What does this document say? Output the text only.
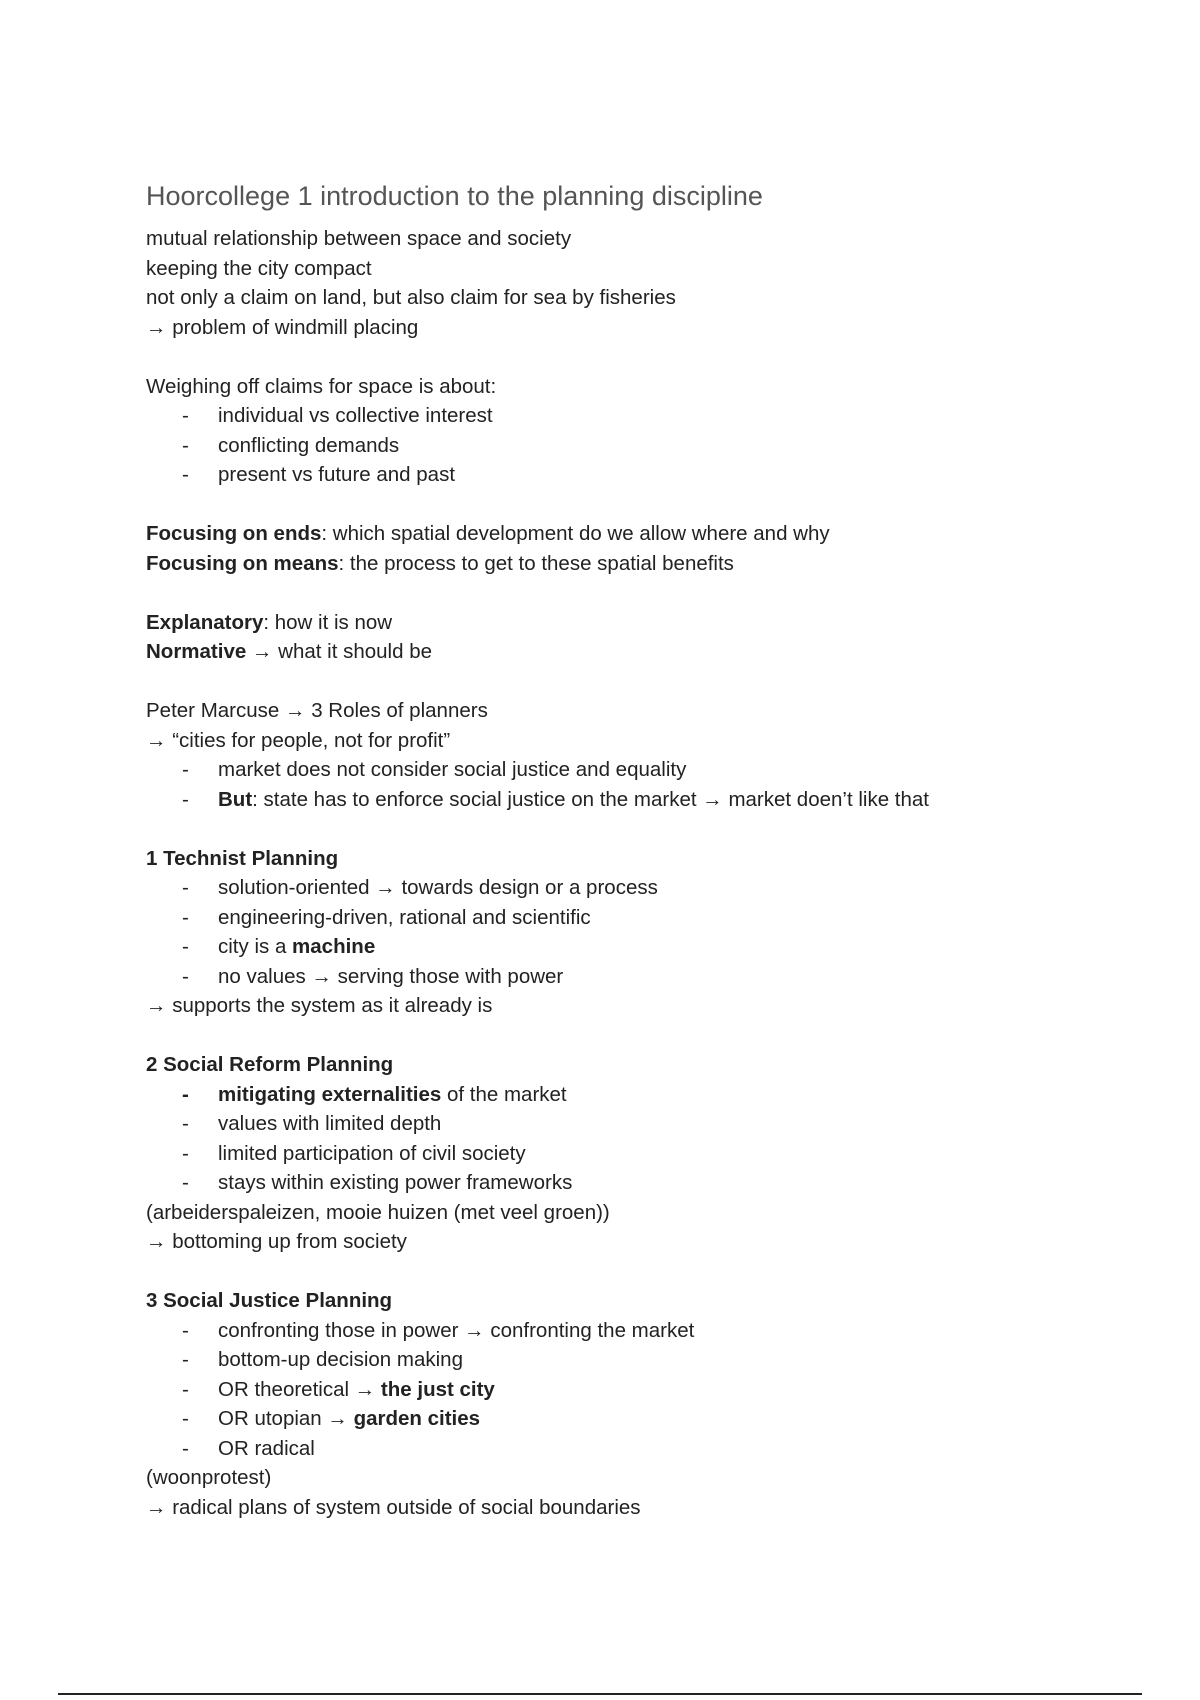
Hoorcollege 1 introduction to the planning discipline

mutual relationship between space and society

keeping the city compact

not only a claim on land, but also claim for sea by fisheries

→ problem of windmill placing

Weighing off claims for space is about:

- individual vs collective interest
- conflicting demands
- present vs future and past

Focusing on ends: which spatial development do we allow where and why

Focusing on means: the process to get to these spatial benefits

Explanatory: how it is now

Normative → what it should be

Peter Marcuse → 3 Roles of planners

→ “cities for people, not for profit”

- market does not consider social justice and equality
- But: state has to enforce social justice on the market → market doen’t like that

1 Technist Planning

- solution-oriented → towards design or a process
- engineering-driven, rational and scientific
- city is a machine
- no values → serving those with power

→ supports the system as it already is

2 Social Reform Planning

- mitigating externalities of the market
- values with limited depth
- limited participation of civil society
- stays within existing power frameworks

(arbeiderspaleizen, mooie huizen (met veel groen))

→ bottoming up from society

3 Social Justice Planning

- confronting those in power → confronting the market
- bottom-up decision making
- OR theoretical → the just city
- OR utopian → garden cities
- OR radical

(woonprotest)

→ radical plans of system outside of social boundaries
